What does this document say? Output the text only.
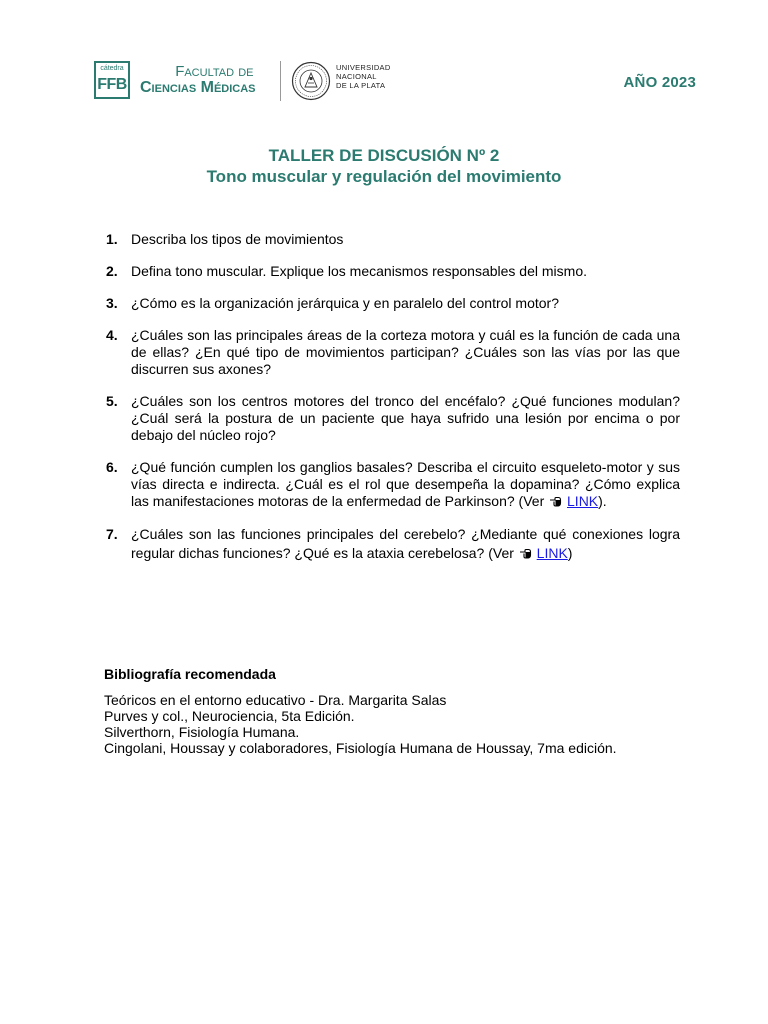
cátedra
FFB
Facultad de
Ciencias Médicas
UNIVERSIDAD
NACIONAL
DE LA PLATA	AÑO 2023
TALLER DE DISCUSIÓN Nº 2
Tono muscular y regulación del movimiento
1. Describa los tipos de movimientos
2. Defina tono muscular. Explique los mecanismos responsables del mismo.
3. ¿Cómo es la organización jerárquica y en paralelo del control motor?
4. ¿Cuáles son las principales áreas de la corteza motora y cuál es la función de cada una de ellas? ¿En qué tipo de movimientos participan? ¿Cuáles son las vías por las que discurren sus axones?
5. ¿Cuáles son los centros motores del tronco del encéfalo? ¿Qué funciones modulan? ¿Cuál será la postura de un paciente que haya sufrido una lesión por encima o por debajo del núcleo rojo?
6. ¿Qué función cumplen los ganglios basales? Describa el circuito esqueleto-motor y sus vías directa e indirecta. ¿Cuál es el rol que desempeña la dopamina? ¿Cómo explica las manifestaciones motoras de la enfermedad de Parkinson? (Ver LINK).
7. ¿Cuáles son las funciones principales del cerebelo? ¿Mediante qué conexiones logra regular dichas funciones? ¿Qué es la ataxia cerebelosa? (Ver LINK)
Bibliografía recomendada
Teóricos en el entorno educativo - Dra. Margarita Salas
Purves y col., Neurociencia, 5ta Edición.
Silverthorn, Fisiología Humana.
Cingolani, Houssay y colaboradores, Fisiología Humana de Houssay, 7ma edición.
